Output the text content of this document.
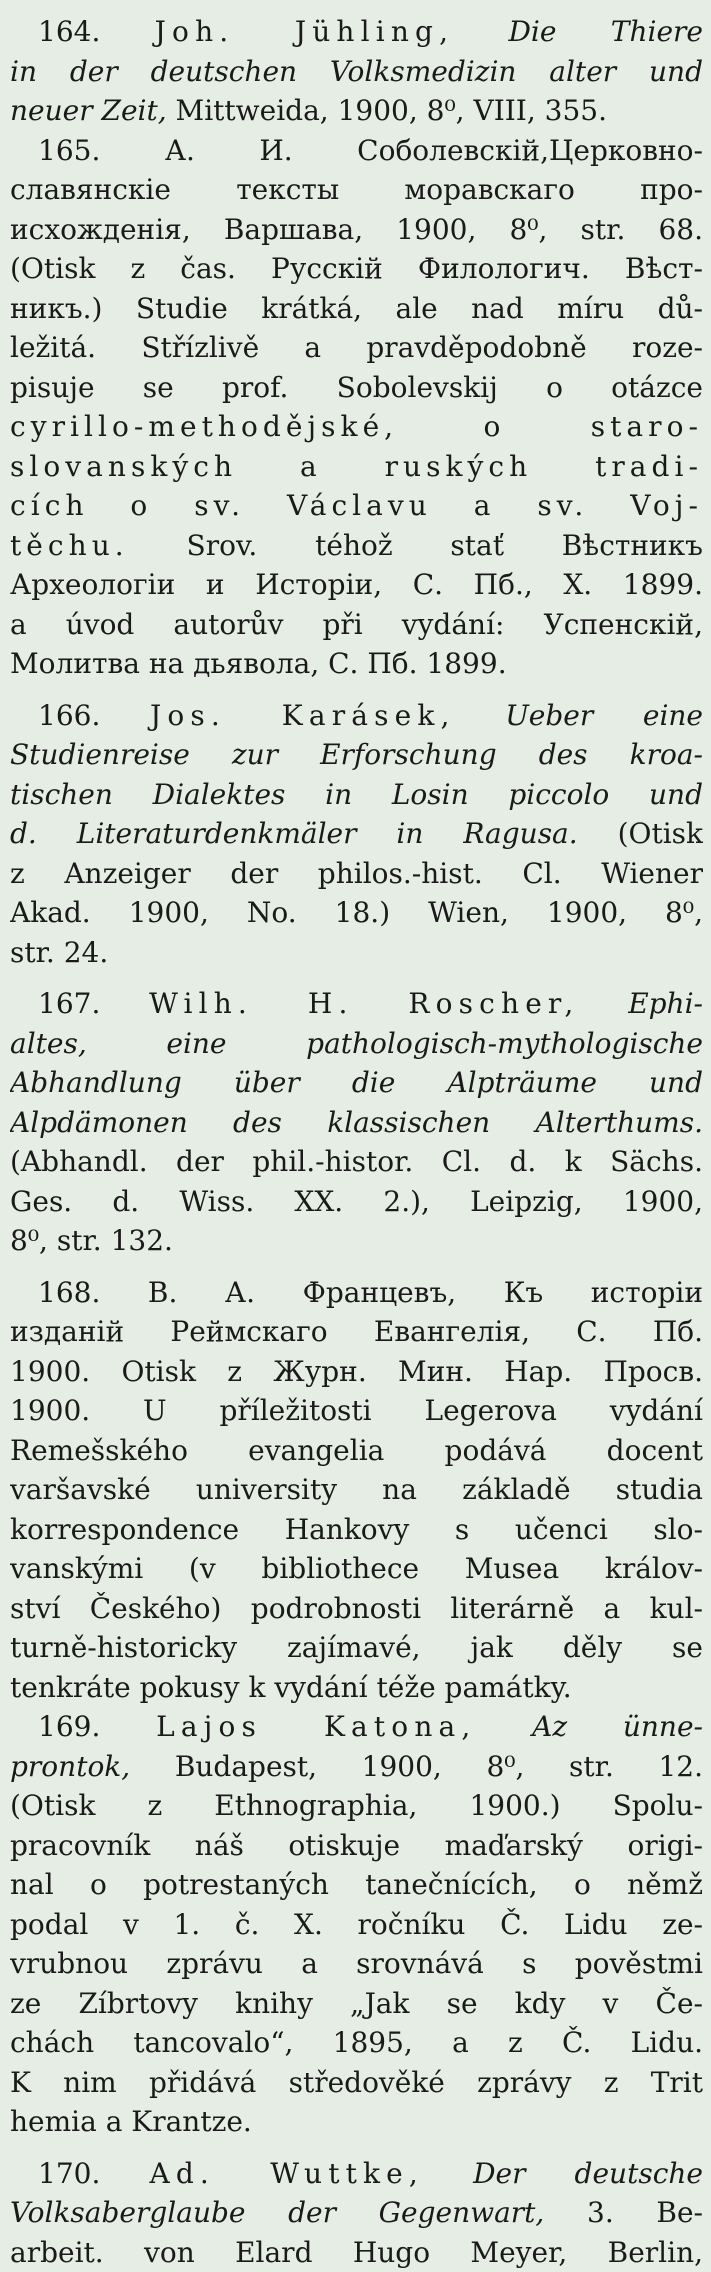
 164. Joh. Jühling, Die Thiere
in der deutschen Volksmedizin alter und
neuer Zeit, Mittweida, 1900, 8⁰, VIII, 355.
 165. А. И. Соболевскій,Церковно-
славянскіе тексты моравскаго про-
исхожденія, Варшава, 1900, 8⁰, str. 68.
(Otisk z čas. Русскій Филологич. Вѣст-
никъ.) Studie krátká, ale nad míru dů-
ležitá. Střízlivě a pravděpodobně roze-
pisuje se prof. Sobolevskij o otázce
cyrillo-methodějské, o staro-
slovanských a ruských tradi-
cích o sv. Václavu a sv. Voj-
těchu. Srov. téhož stať Вѣстникъ
Археологіи и Исторіи, С. Пб., X. 1899.
a úvod autorův při vydání: Успенскій,
Молитва на дьявола, С. Пб. 1899.
 166. Jos. Karásek, Ueber eine
Studienreise zur Erforschung des kroa-
tischen Dialektes in Losin piccolo und
d. Literaturdenkmäler in Ragusa. (Otisk
z Anzeiger der philos.-hist. Cl. Wiener
Akad. 1900, No. 18.) Wien, 1900, 8⁰,
str. 24.
 167. Wilh. H. Roscher, Ephi-
altes, eine pathologisch-mythologische
Abhandlung über die Alpträume und
Alpdämonen des klassischen Alterthums.
(Abhandl. der phil.-histor. Cl. d. k Sächs.
Ges. d. Wiss. XX. 2.), Leipzig, 1900,
8⁰, str. 132.
 168. В. А. Францевъ, Къ исторіи
изданій Реймскаго Евангелія, С. Пб.
1900. Otisk z Журн. Мин. Нар. Просв.
1900. U příležitosti Legerova vydání
Remešského evangelia podává docent
varšavské university na základě studia
korrespondence Hankovy s učenci slo-
vanskými (v bibliothece Musea králov-
ství Českého) podrobnosti literárně a kul-
turně-historicky zajímavé, jak děly se
tenkráte pokusy k vydání téže památky.
 169. Lajos Katona, Az ünne-
prontok, Budapest, 1900, 8⁰, str. 12.
(Otisk z Ethnographia, 1900.) Spolu-
pracovník náš otiskuje maďarský origi-
nal o potrestaných tanečnících, o němž
podal v 1. č. X. ročníku Č. Lidu ze-
vrubnou zprávu a srovnává s pověstmi
ze Zíbrtovy knihy „Jak se kdy v Če-
chách tancovalo“, 1895, a z Č. Lidu.
K nim přidává středověké zprávy z Trit
hemia a Krantze.
 170. Ad. Wuttke, Der deutsche
Volksaberglaube der Gegenwart, 3. Be-
arbeit. von Elard Hugo Meyer, Berlin,
